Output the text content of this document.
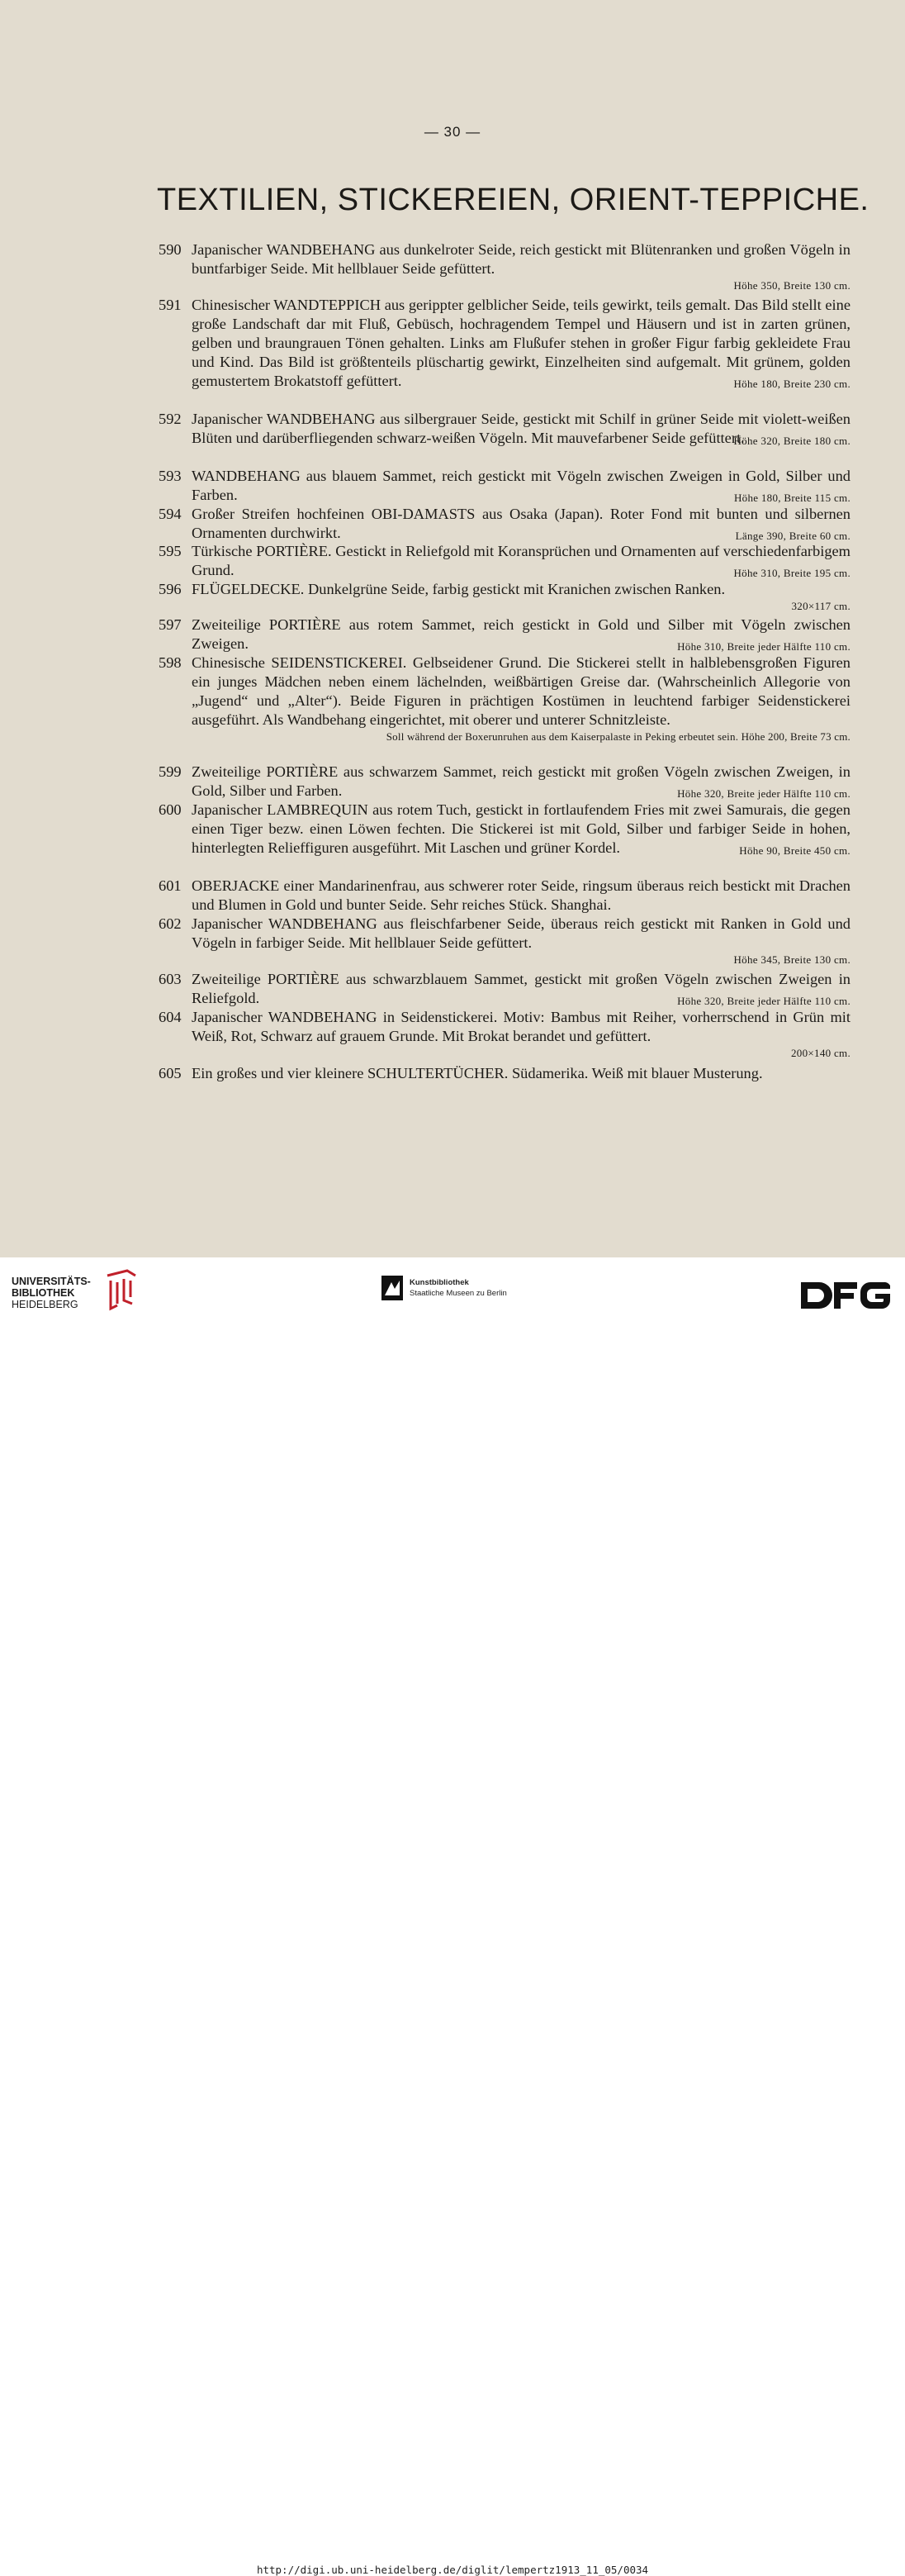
— 30 —
TEXTILIEN, STICKEREIEN, ORIENT-TEPPICHE.
590 Japanischer WANDBEHANG aus dunkelroter Seide, reich gestickt mit Blütenranken und großen Vögeln in buntfarbiger Seide. Mit hellblauer Seide gefüttert.
Höhe 350, Breite 130 cm.
591 Chinesischer WANDTEPPICH aus gerippter gelblicher Seide, teils gewirkt, teils gemalt. Das Bild stellt eine große Landschaft dar mit Fluß, Gebüsch, hochragendem Tempel und Häusern und ist in zarten grünen, gelben und braungrauen Tönen gehalten. Links am Flußufer stehen in großer Figur farbig gekleidete Frau und Kind. Das Bild ist größtenteils plüschartig gewirkt, Einzelheiten sind aufgemalt. Mit grünem, golden gemustertem Brokatstoff gefüttert.	Höhe 180, Breite 230 cm.
592 Japanischer WANDBEHANG aus silbergrauer Seide, gestickt mit Schilf in grüner Seide mit violett-weißen Blüten und darüberfliegenden schwarz-weißen Vögeln. Mit mauvefarbener Seide gefüttert.
Höhe 320, Breite 180 cm.
593 WANDBEHANG aus blauem Sammet, reich gestickt mit Vögeln zwischen Zweigen in Gold, Silber und Farben.	Höhe 180, Breite 115 cm.
594 Großer Streifen hochfeinen OBI-DAMASTS aus Osaka (Japan). Roter Fond mit bunten und silbernen Ornamenten durchwirkt.	Länge 390, Breite 60 cm.
595 Türkische PORTIÈRE. Gestickt in Reliefgold mit Koransprüchen und Ornamenten auf verschiedenfarbigem Grund.	Höhe 310, Breite 195 cm.
596 FLÜGELDECKE. Dunkelgrüne Seide, farbig gestickt mit Kranichen zwischen Ranken.
320×117 cm.
597 Zweiteilige PORTIÈRE aus rotem Sammet, reich gestickt in Gold und Silber mit Vögeln zwischen Zweigen.	Höhe 310, Breite jeder Hälfte 110 cm.
598 Chinesische SEIDENSTICKEREI. Gelbseidener Grund. Die Stickerei stellt in halblebensgroßen Figuren ein junges Mädchen neben einem lächelnden, weißbärtigen Greise dar. (Wahrscheinlich Allegorie von „Jugend“ und „Alter“). Beide Figuren in prächtigen Kostümen in leuchtend farbiger Seidenstickerei ausgeführt. Als Wandbehang eingerichtet, mit oberer und unterer Schnitzleiste.
Soll während der Boxerunruhen aus dem Kaiserpalaste in Peking erbeutet sein. Höhe 200, Breite 73 cm.
599 Zweiteilige PORTIÈRE aus schwarzem Sammet, reich gestickt mit großen Vögeln zwischen Zweigen, in Gold, Silber und Farben.	Höhe 320, Breite jeder Hälfte 110 cm.
600 Japanischer LAMBREQUIN aus rotem Tuch, gestickt in fortlaufendem Fries mit zwei Samurais, die gegen einen Tiger bezw. einen Löwen fechten. Die Stickerei ist mit Gold, Silber und farbiger Seide in hohen, hinterlegten Relieffiguren ausgeführt. Mit Laschen und grüner Kordel.	Höhe 90, Breite 450 cm.
601 OBERJACKE einer Mandarinenfrau, aus schwerer roter Seide, ringsum überaus reich bestickt mit Drachen und Blumen in Gold und bunter Seide. Sehr reiches Stück. Shanghai.
602 Japanischer WANDBEHANG aus fleischfarbener Seide, überaus reich gestickt mit Ranken in Gold und Vögeln in farbiger Seide. Mit hellblauer Seide gefüttert.
Höhe 345, Breite 130 cm.
603 Zweiteilige PORTIÈRE aus schwarzblauem Sammet, gestickt mit großen Vögeln zwischen Zweigen in Reliefgold.	Höhe 320, Breite jeder Hälfte 110 cm.
604 Japanischer WANDBEHANG in Seidenstickerei. Motiv: Bambus mit Reiher, vorherrschend in Grün mit Weiß, Rot, Schwarz auf grauem Grunde. Mit Brokat berandet und gefüttert.
200×140 cm.
605 Ein großes und vier kleinere SCHULTERTÜCHER. Südamerika. Weiß mit blauer Musterung.
UNIVERSITÄTS-
BIBLIOTHEK
HEIDELBERG
Kunstbibliothek
Staatliche Museen zu Berlin
http://digi.ub.uni-heidelberg.de/diglit/lempertz1913_11_05/0034
